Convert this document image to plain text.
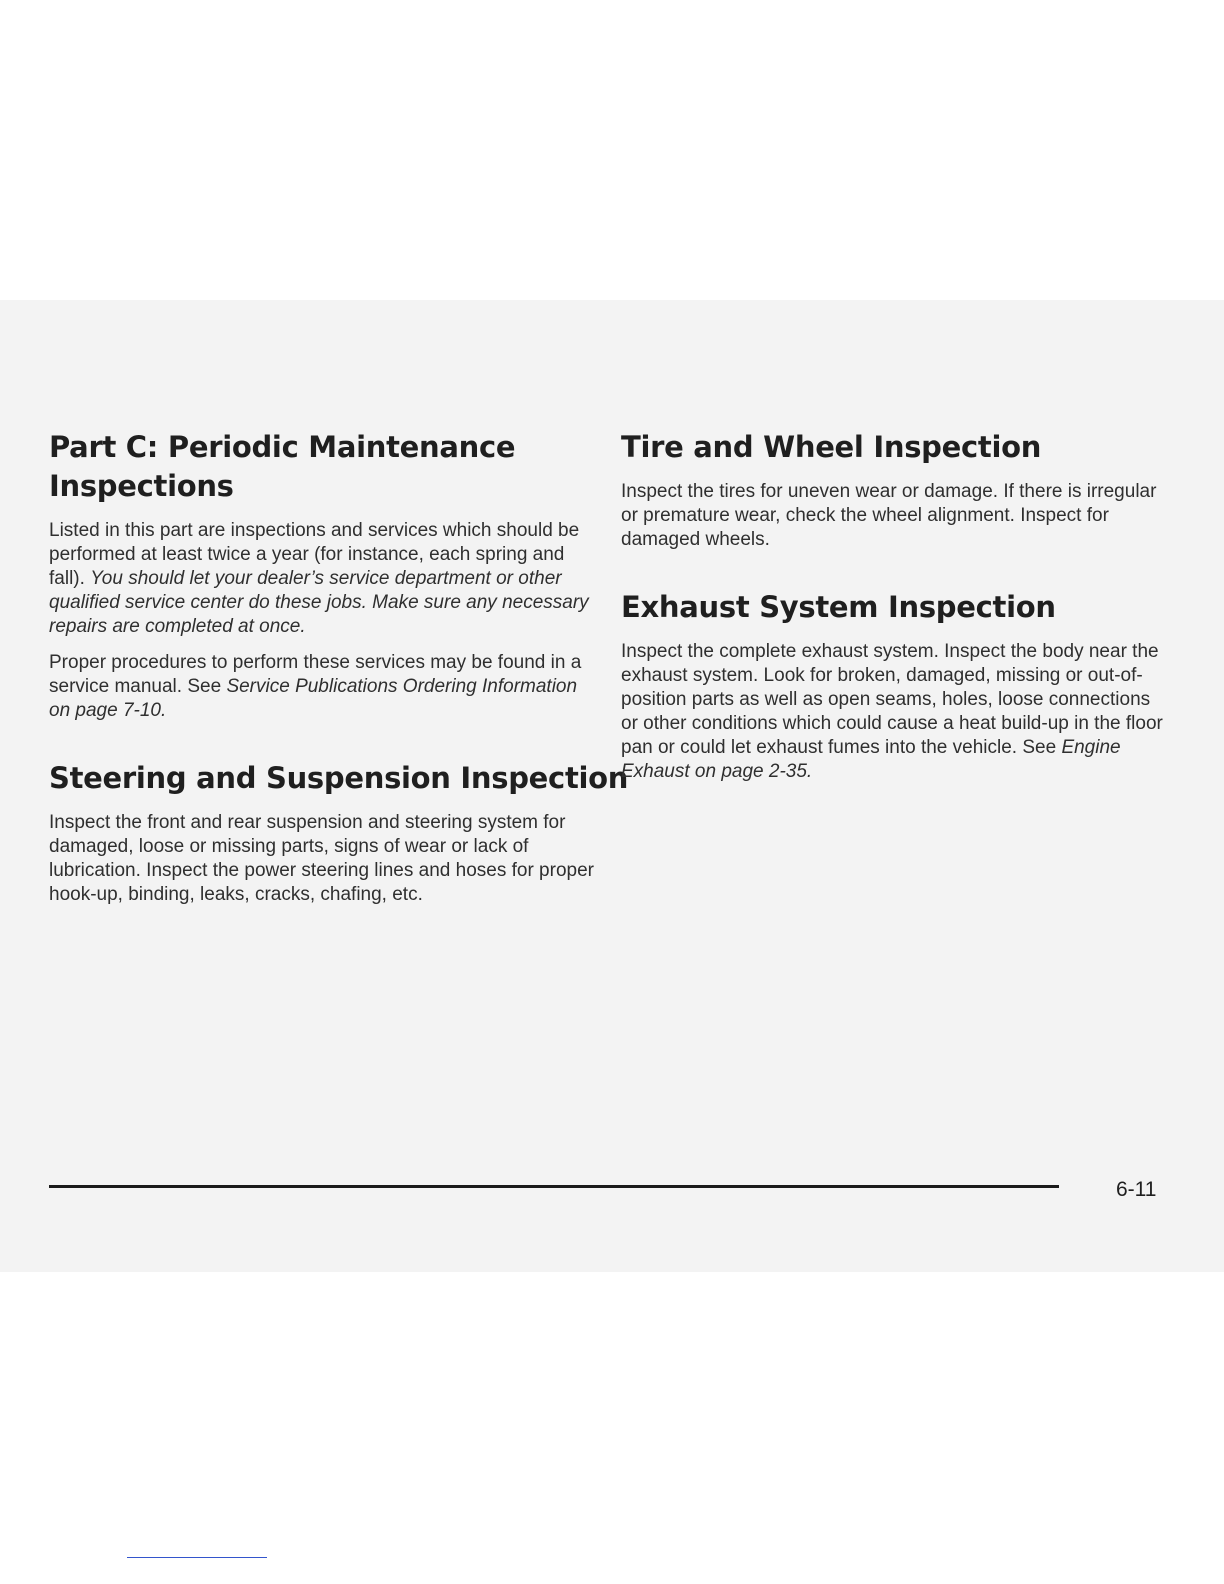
Part C: Periodic Maintenance Inspections

Listed in this part are inspections and services which should be performed at least twice a year (for instance, each spring and fall). You should let your dealer’s service department or other qualified service center do these jobs. Make sure any necessary repairs are completed at once.

Proper procedures to perform these services may be found in a service manual. See Service Publications Ordering Information on page 7-10.

Steering and Suspension Inspection

Inspect the front and rear suspension and steering system for damaged, loose or missing parts, signs of wear or lack of lubrication. Inspect the power steering lines and hoses for proper hook-up, binding, leaks, cracks, chafing, etc.

Tire and Wheel Inspection

Inspect the tires for uneven wear or damage. If there is irregular or premature wear, check the wheel alignment. Inspect for damaged wheels.

Exhaust System Inspection

Inspect the complete exhaust system. Inspect the body near the exhaust system. Look for broken, damaged, missing or out-of-position parts as well as open seams, holes, loose connections or other conditions which could cause a heat build-up in the floor pan or could let exhaust fumes into the vehicle. See Engine Exhaust on page 2-35.

6-11
